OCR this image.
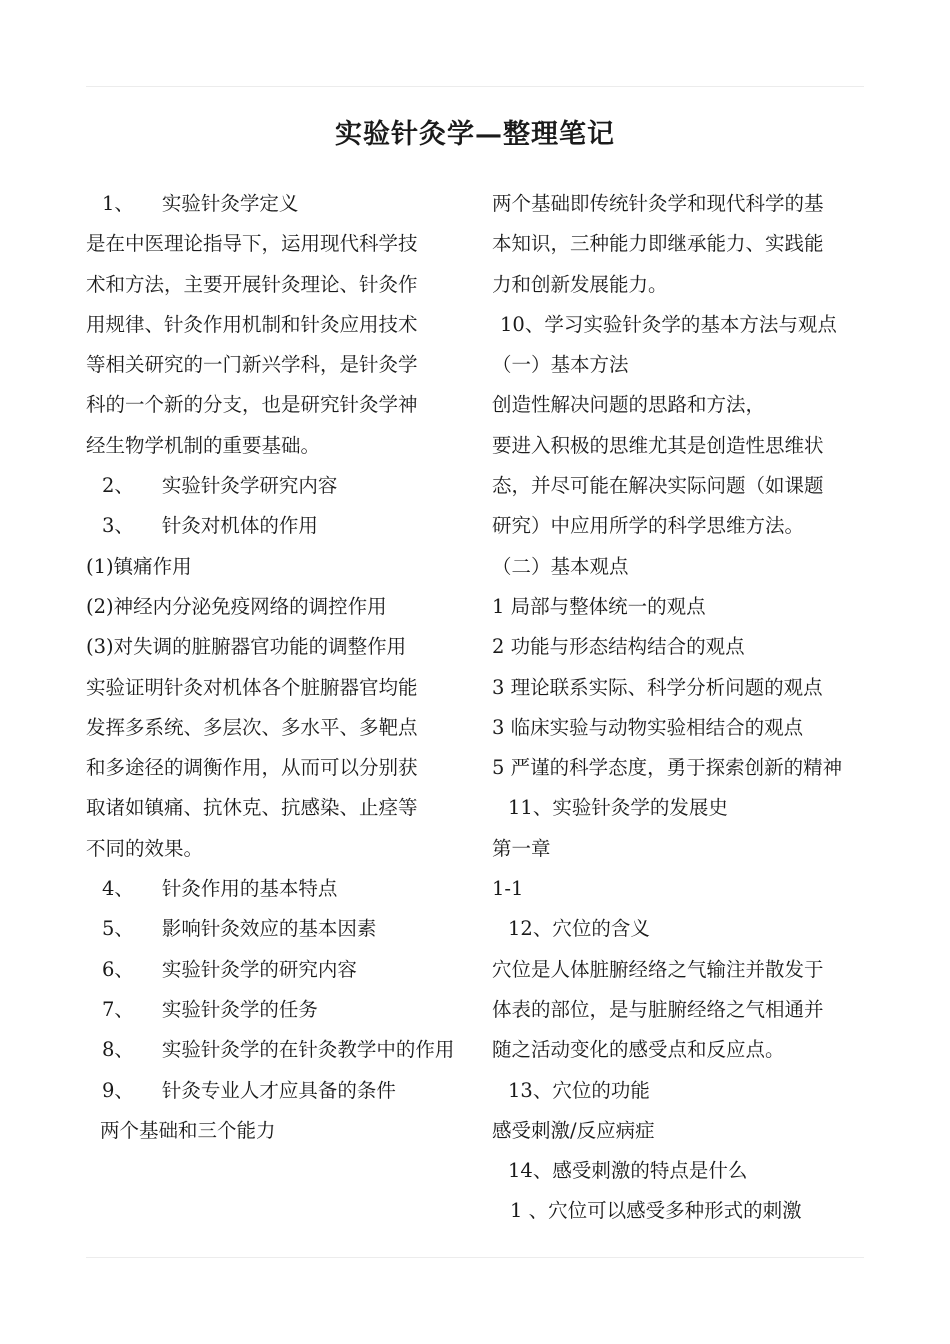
实验针灸学—整理笔记
1、 实验针灸学定义
是在中医理论指导下，运用现代科学技
术和方法，主要开展针灸理论、针灸作
用规律、针灸作用机制和针灸应用技术
等相关研究的一门新兴学科，是针灸学
科的一个新的分支，也是研究针灸学神
经生物学机制的重要基础。
2、 实验针灸学研究内容
3、 针灸对机体的作用
(1)镇痛作用
(2)神经内分泌免疫网络的调控作用
(3)对失调的脏腑器官功能的调整作用
实验证明针灸对机体各个脏腑器官均能
发挥多系统、多层次、多水平、多靶点
和多途径的调衡作用，从而可以分别获
取诸如镇痛、抗休克、抗感染、止痉等
不同的效果。
4、 针灸作用的基本特点
5、 影响针灸效应的基本因素
6、 实验针灸学的研究内容
7、 实验针灸学的任务
8、 实验针灸学的在针灸教学中的作用
9、 针灸专业人才应具备的条件
两个基础和三个能力
两个基础即传统针灸学和现代科学的基
本知识，三种能力即继承能力、实践能
力和创新发展能力。
10、学习实验针灸学的基本方法与观点
（一）基本方法
创造性解决问题的思路和方法，
要进入积极的思维尤其是创造性思维状
态，并尽可能在解决实际问题（如课题
研究）中应用所学的科学思维方法。
（二）基本观点
1 局部与整体统一的观点
2 功能与形态结构结合的观点
3 理论联系实际、科学分析问题的观点
3 临床实验与动物实验相结合的观点
5 严谨的科学态度，勇于探索创新的精神
11、实验针灸学的发展史
第一章
1-1
12、穴位的含义
穴位是人体脏腑经络之气输注并散发于
体表的部位，是与脏腑经络之气相通并
随之活动变化的感受点和反应点。
13、穴位的功能
感受刺激/反应病症
14、感受刺激的特点是什么
1 、穴位可以感受多种形式的刺激
